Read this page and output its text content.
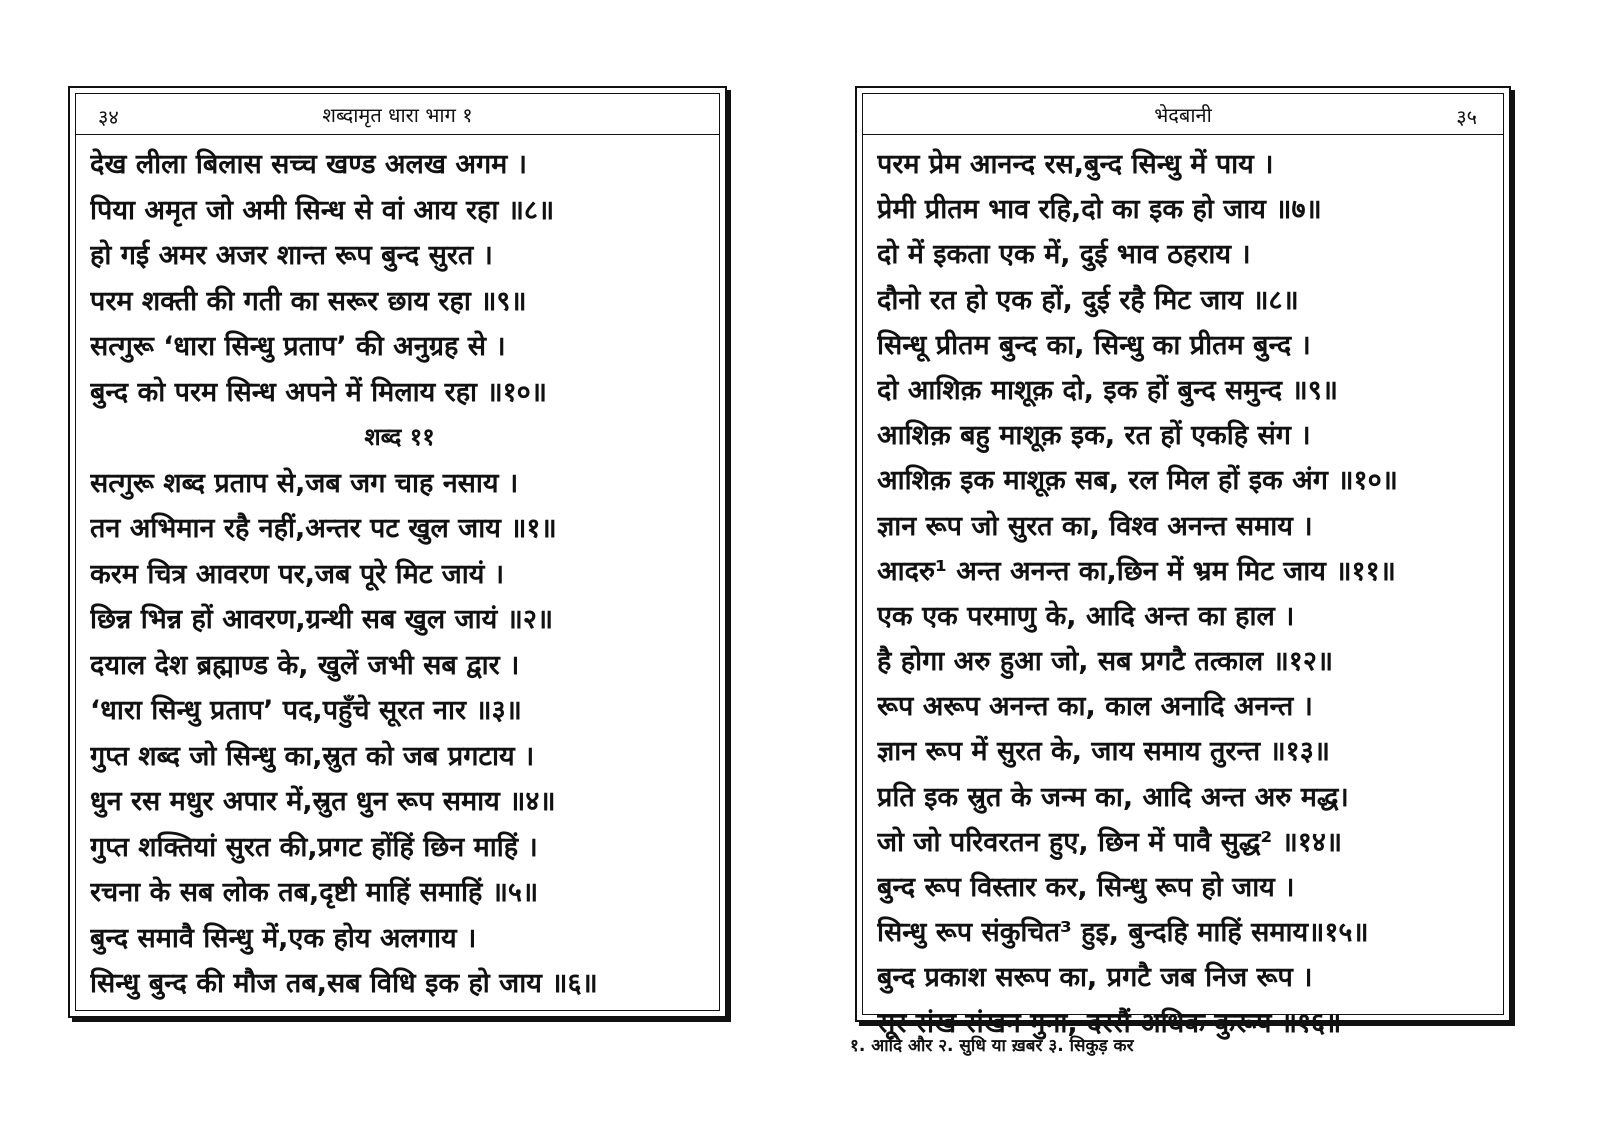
३४	शब्दामृत धारा भाग १
देख लीला बिलास सच्च खण्ड अलख अगम ।
पिया अमृत जो अमी सिन्ध से वां आय रहा ॥८॥
हो गई अमर अजर शान्त रूप बुन्द सुरत ।
परम शक्ती की गती का सरूर छाय रहा ॥९॥
सत्गुरू ‘धारा सिन्धु प्रताप’ की अनुग्रह से ।
बुन्द को परम सिन्ध अपने में मिलाय रहा ॥१०॥
शब्द ११
सत्गुरू शब्द प्रताप से,जब जग चाह नसाय ।
तन अभिमान रहै नहीं,अन्तर पट खुल जाय ॥१॥
करम चित्र आवरण पर,जब पूरे मिट जायं ।
छिन्न भिन्न हों आवरण,ग्रन्थी सब खुल जायं ॥२॥
दयाल देश ब्रह्माण्ड के, खुलें जभी सब द्वार ।
‘धारा सिन्धु प्रताप’ पद,पहुँचे सूरत नार ॥३॥
गुप्त शब्द जो सिन्धु का,स्रुत को जब प्रगटाय ।
धुन रस मधुर अपार में,स्रुत धुन रूप समाय ॥४॥
गुप्त शक्तियां सुरत की,प्रगट होंहिं छिन माहिं ।
रचना के सब लोक तब,दृष्टी माहिं समाहिं ॥५॥
बुन्द समावै सिन्धु में,एक होय अलगाय ।
सिन्धु बुन्द की मौज तब,सब विधि इक हो जाय ॥६॥
भेदबानी	३५
परम प्रेम आनन्द रस,बुन्द सिन्धु में पाय ।
प्रेमी प्रीतम भाव रहि,दो का इक हो जाय ॥७॥
दो में इकता एक में, दुई भाव ठहराय ।
दौनो रत हो एक हों, दुई रहै मिट जाय ॥८॥
सिन्धू प्रीतम बुन्द का, सिन्धु का प्रीतम बुन्द ।
दो आशिक़ माशूक़ दो, इक हों बुन्द समुन्द ॥९॥
आशिक़ बहु माशूक़ इक, रत हों एकहि संग ।
आशिक़ इक माशूक़ सब, रल मिल हों इक अंग ॥१०॥
ज्ञान रूप जो सुरत का, विश्व अनन्त समाय ।
आदरु¹ अन्त अनन्त का,छिन में भ्रम मिट जाय ॥११॥
एक एक परमाणु के, आदि अन्त का हाल ।
है होगा अरु हुआ जो, सब प्रगटै तत्काल ॥१२॥
रूप अरूप अनन्त का, काल अनादि अनन्त ।
ज्ञान रूप में सुरत के, जाय समाय तुरन्त ॥१३॥
प्रति इक स्रुत के जन्म का, आदि अन्त अरु मद्ध।
जो जो परिवरतन हुए, छिन में पावै सुद्ध² ॥१४॥
बुन्द रूप विस्तार कर, सिन्धु रूप हो जाय ।
सिन्धु रूप संकुचित³ हुइ, बुन्दहि माहिं समाय॥१५॥
बुन्द प्रकाश सरूप का, प्रगटै जब निज रूप ।
सूर संख संखन गुना, दरसैं अधिक कुरूप ॥१६॥
१. आदि और २. सुधि या ख़बर ३. सिकुड़ कर
